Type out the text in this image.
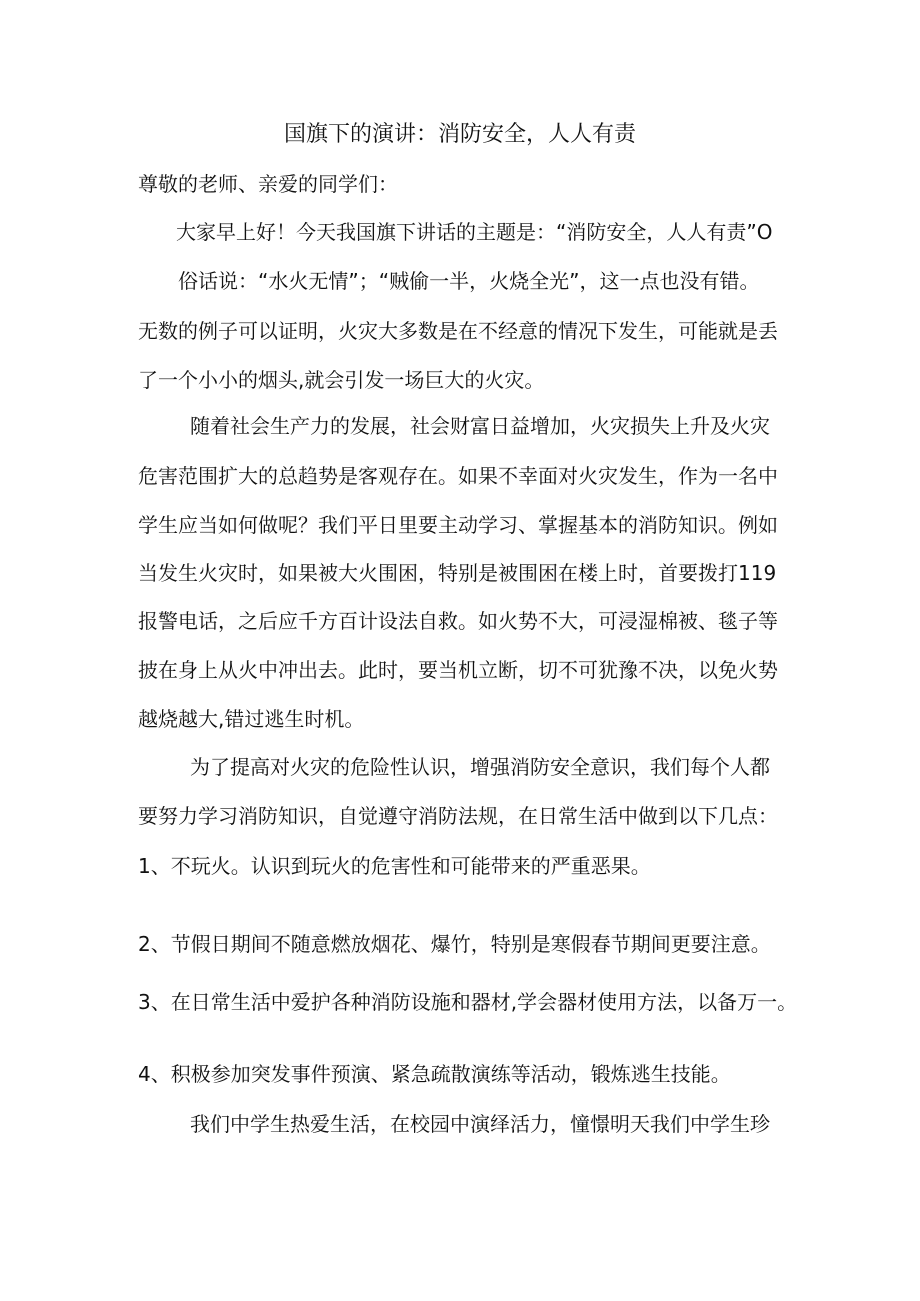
国旗下的演讲：消防安全，人人有责
尊敬的老师、亲爱的同学们：
大家早上好！今天我国旗下讲话的主题是：“消防安全，人人有责”O
俗话说：“水火无情”；“贼偷一半，火烧全光”，这一点也没有错。
无数的例子可以证明，火灾大多数是在不经意的情况下发生，可能就是丢
了一个小小的烟头,就会引发一场巨大的火灾。
随着社会生产力的发展，社会财富日益增加，火灾损失上升及火灾
危害范围扩大的总趋势是客观存在。如果不幸面对火灾发生，作为一名中
学生应当如何做呢？我们平日里要主动学习、掌握基本的消防知识。例如
当发生火灾时，如果被大火围困，特别是被围困在楼上时，首要拨打119
报警电话，之后应千方百计设法自救。如火势不大，可浸湿棉被、毯子等
披在身上从火中冲出去。此时，要当机立断，切不可犹豫不决，以免火势
越烧越大,错过逃生时机。
为了提高对火灾的危险性认识，增强消防安全意识，我们每个人都
要努力学习消防知识，自觉遵守消防法规，在日常生活中做到以下几点：
1、不玩火。认识到玩火的危害性和可能带来的严重恶果。
2、节假日期间不随意燃放烟花、爆竹，特别是寒假春节期间更要注意。
3、在日常生活中爱护各种消防设施和器材,学会器材使用方法，以备万一。
4、积极参加突发事件预演、紧急疏散演练等活动，锻炼逃生技能。
我们中学生热爱生活，在校园中演绎活力，憧憬明天我们中学生珍
